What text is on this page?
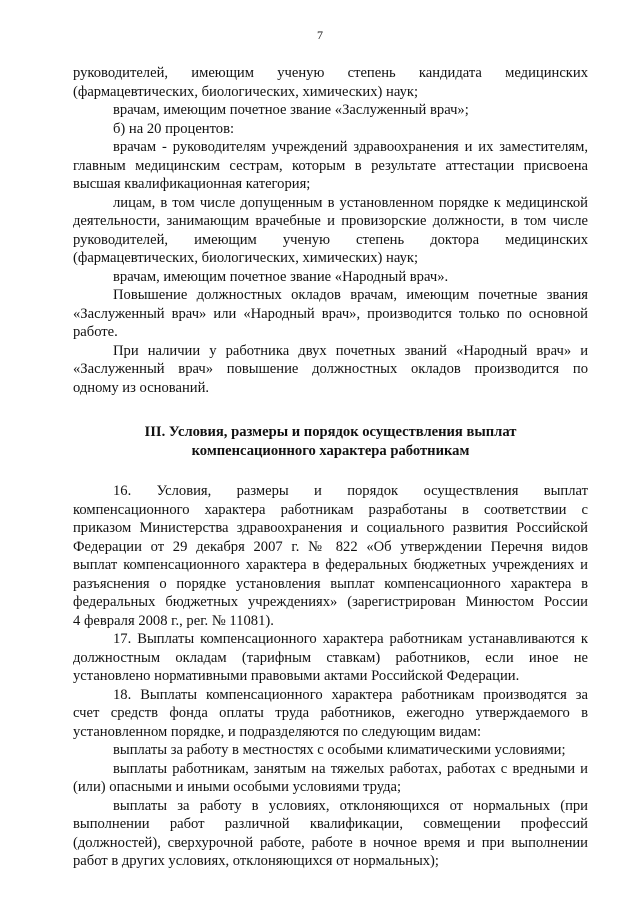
7

руководителей, имеющим ученую степень кандидата медицинских

(фармацевтических, биологических, химических) наук;

врачам, имеющим почетное звание «Заслуженный врач»;

б) на 20 процентов:

врачам - руководителям учреждений здравоохранения и их заместителям,

главным медицинским сестрам, которым в результате аттестации присвоена

высшая квалификационная категория;

лицам, в том числе допущенным в установленном порядке к медицинской

деятельности, занимающим врачебные и провизорские должности, в том числе

руководителей, имеющим ученую степень доктора медицинских

(фармацевтических, биологических, химических) наук;

врачам, имеющим почетное звание «Народный врач».

Повышение должностных окладов врачам, имеющим почетные звания

«Заслуженный врач» или «Народный врач», производится только по основной

работе.

При наличии у работника двух почетных званий «Народный врач» и

«Заслуженный врач» повышение должностных окладов производится по

одному из оснований.

III. Условия, размеры и порядок осуществления выплат
компенсационного характера работникам

16. Условия, размеры и порядок осуществления выплат

компенсационного характера работникам разработаны в соответствии с

приказом Министерства здравоохранения и социального развития Российской

Федерации от 29 декабря 2007 г. № 822 «Об утверждении Перечня видов

выплат компенсационного характера в федеральных бюджетных учреждениях и

разъяснения о порядке установления выплат компенсационного характера в

федеральных бюджетных учреждениях» (зарегистрирован Минюстом России

4 февраля 2008 г., рег. № 11081).

17. Выплаты компенсационного характера работникам устанавливаются к

должностным окладам (тарифным ставкам) работников, если иное не

установлено нормативными правовыми актами Российской Федерации.

18. Выплаты компенсационного характера работникам производятся за

счет средств фонда оплаты труда работников, ежегодно утверждаемого в

установленном порядке, и подразделяются по следующим видам:

выплаты за работу в местностях с особыми климатическими условиями;

выплаты работникам, занятым на тяжелых работах, работах с вредными и

(или) опасными и иными особыми условиями труда;

выплаты за работу в условиях, отклоняющихся от нормальных (при

выполнении работ различной квалификации, совмещении профессий

(должностей), сверхурочной работе, работе в ночное время и при выполнении

работ в других условиях, отклоняющихся от нормальных);
